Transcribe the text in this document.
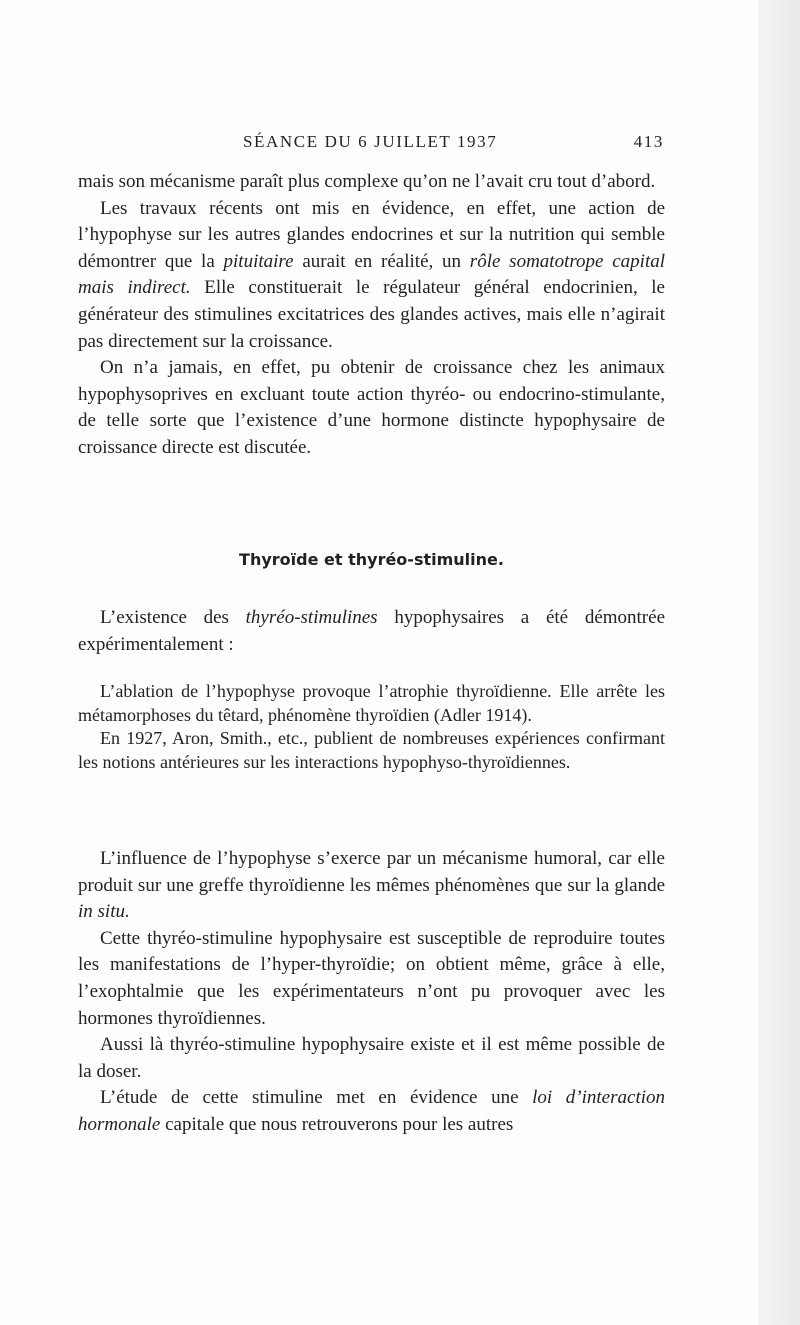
SÉANCE DU 6 JUILLET 1937	413

mais son mécanisme paraît plus complexe qu’on ne l’avait cru tout d’abord.

Les travaux récents ont mis en évidence, en effet, une action de l’hypophyse sur les autres glandes endocrines et sur la nutrition qui semble démontrer que la pituitaire aurait en réalité, un rôle somatotrope capital mais indirect. Elle constituerait le régulateur général endocrinien, le générateur des stimulines excitatrices des glandes actives, mais elle n’agirait pas directement sur la croissance.

On n’a jamais, en effet, pu obtenir de croissance chez les animaux hypophysoprives en excluant toute action thyréo- ou endocrino-stimulante, de telle sorte que l’existence d’une hormone distincte hypophysaire de croissance directe est discutée.

Thyroïde et thyréo-stimuline.

L’existence des thyréo-stimulines hypophysaires a été démontrée expérimentalement :

L’ablation de l’hypophyse provoque l’atrophie thyroïdienne. Elle arrête les métamorphoses du têtard, phénomène thyroïdien (Adler 1914).

En 1927, Aron, Smith., etc., publient de nombreuses expériences confirmant les notions antérieures sur les interactions hypophyso-thyroïdiennes.

L’influence de l’hypophyse s’exerce par un mécanisme humoral, car elle produit sur une greffe thyroïdienne les mêmes phénomènes que sur la glande in situ.

Cette thyréo-stimuline hypophysaire est susceptible de reproduire toutes les manifestations de l’hyper-thyroïdie; on obtient même, grâce à elle, l’exophtalmie que les expérimentateurs n’ont pu provoquer avec les hormones thyroïdiennes.

Aussi là thyréo-stimuline hypophysaire existe et il est même possible de la doser.

L’étude de cette stimuline met en évidence une loi d’interaction hormonale capitale que nous retrouverons pour les autres
